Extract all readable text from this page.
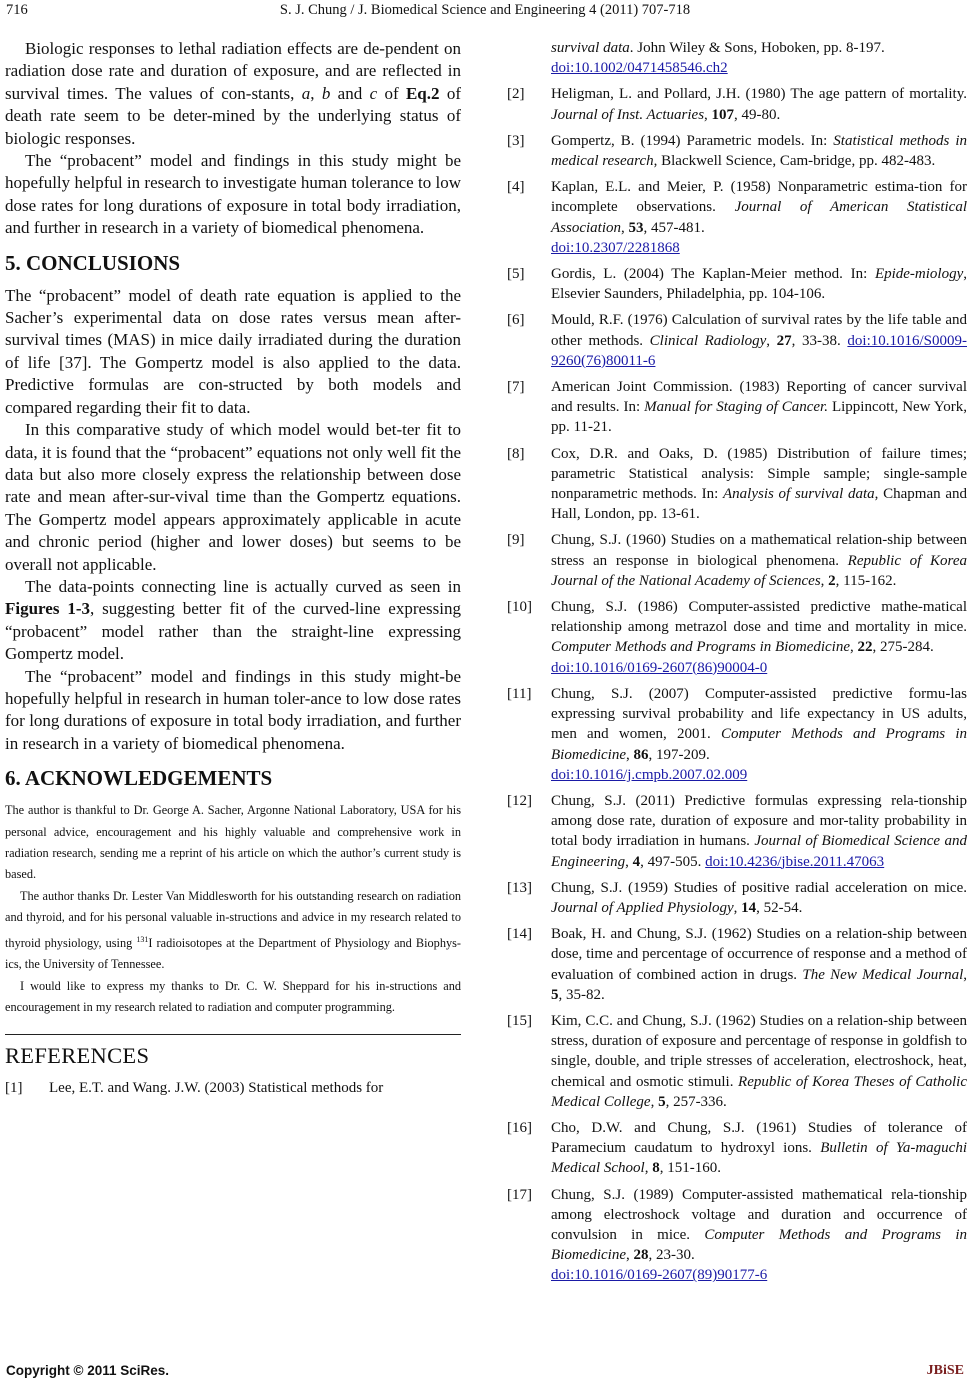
716	S. J. Chung / J. Biomedical Science and Engineering 4 (2011) 707-718

Biologic responses to lethal radiation effects are de-pendent on radiation dose rate and duration of exposure, and are reflected in survival times. The values of con-stants, a, b and c of Eq.2 of death rate seem to be deter-mined by the underlying status of biologic responses.

The “probacent” model and findings in this study might be hopefully helpful in research to investigate human tolerance to low dose rates for long durations of exposure in total body irradiation, and further in research in a variety of biomedical phenomena.

5. CONCLUSIONS

The “probacent” model of death rate equation is applied to the Sacher’s experimental data on dose rates versus mean after-survival times (MAS) in mice daily irradiated during the duration of life [37]. The Gompertz model is also applied to the data. Predictive formulas are con-structed by both models and compared regarding their fit to data.

In this comparative study of which model would bet-ter fit to data, it is found that the “probacent” equations not only well fit the data but also more closely express the relationship between dose rate and mean after-sur-vival time than the Gompertz equations. The Gompertz model appears approximately applicable in acute and chronic period (higher and lower doses) but seems to be overall not applicable.

The data-points connecting line is actually curved as seen in Figures 1-3, suggesting better fit of the curved-line expressing “probacent” model rather than the straight-line expressing Gompertz model.

The “probacent” model and findings in this study might-be hopefully helpful in research in human toler-ance to low dose rates for long durations of exposure in total body irradiation, and further in research in a variety of biomedical phenomena.

6. ACKNOWLEDGEMENTS

The author is thankful to Dr. George A. Sacher, Argonne National Laboratory, USA for his personal advice, encouragement and his highly valuable and comprehensive work in radiation research, sending me a reprint of his article on which the author’s current study is based.

The author thanks Dr. Lester Van Middlesworth for his outstanding research on radiation and thyroid, and for his personal valuable in-structions and advice in my research related to thyroid physiology, using $^{131}$I radioisotopes at the Department of Physiology and Biophys-ics, the University of Tennessee.

I would like to express my thanks to Dr. C. W. Sheppard for his in-structions and encouragement in my research related to radiation and computer programming.

REFERENCES
[1] Lee, E.T. and Wang. J.W. (2003) Statistical methods for
survival data. John Wiley & Sons, Hoboken, pp. 8-197.
doi:10.1002/0471458546.ch2
[2] Heligman, L. and Pollard, J.H. (1980) The age pattern of mortality. Journal of Inst. Actuaries, 107, 49-80.
[3] Gompertz, B. (1994) Parametric models. In: Statistical methods in medical research, Blackwell Science, Cam-bridge, pp. 482-483.
[4] Kaplan, E.L. and Meier, P. (1958) Nonparametric estima-tion for incomplete observations. Journal of American Statistical Association, 53, 457-481.
doi:10.2307/2281868
[5] Gordis, L. (2004) The Kaplan-Meier method. In: Epide-miology, Elsevier Saunders, Philadelphia, pp. 104-106.
[6] Mould, R.F. (1976) Calculation of survival rates by the life table and other methods. Clinical Radiology, 27, 33-38. doi:10.1016/S0009-9260(76)80011-6
[7] American Joint Commission. (1983) Reporting of cancer survival and results. In: Manual for Staging of Cancer. Lippincott, New York, pp. 11-21.
[8] Cox, D.R. and Oaks, D. (1985) Distribution of failure times; parametric Statistical analysis: Simple sample; single-sample nonparametric methods. In: Analysis of survival data, Chapman and Hall, London, pp. 13-61.
[9] Chung, S.J. (1960) Studies on a mathematical relation-ship between stress an response in biological phenomena. Republic of Korea Journal of the National Academy of Sciences, 2, 115-162.
[10] Chung, S.J. (1986) Computer-assisted predictive mathe-matical relationship among metrazol dose and time and mortality in mice. Computer Methods and Programs in Biomedicine, 22, 275-284.
doi:10.1016/0169-2607(86)90004-0
[11] Chung, S.J. (2007) Computer-assisted predictive formu-las expressing survival probability and life expectancy in US adults, men and women, 2001. Computer Methods and Programs in Biomedicine, 86, 197-209.
doi:10.1016/j.cmpb.2007.02.009
[12] Chung, S.J. (2011) Predictive formulas expressing rela-tionship among dose rate, duration of exposure and mor-tality probability in total body irradiation in humans. Journal of Biomedical Science and Engineering, 4, 497-505. doi:10.4236/jbise.2011.47063
[13] Chung, S.J. (1959) Studies of positive radial acceleration on mice. Journal of Applied Physiology, 14, 52-54.
[14] Boak, H. and Chung, S.J. (1962) Studies on a relation-ship between dose, time and percentage of occurrence of response and a method of evaluation of combined action in drugs. The New Medical Journal, 5, 35-82.
[15] Kim, C.C. and Chung, S.J. (1962) Studies on a relation-ship between stress, duration of exposure and percentage of response in goldfish to single, double, and triple stresses of acceleration, electroshock, heat, chemical and osmotic stimuli. Republic of Korea Theses of Catholic Medical College, 5, 257-336.
[16] Cho, D.W. and Chung, S.J. (1961) Studies of tolerance of Paramecium caudatum to hydroxyl ions. Bulletin of Ya-maguchi Medical School, 8, 151-160.
[17] Chung, S.J. (1989) Computer-assisted mathematical rela-tionship among electroshock voltage and duration and occurrence of convulsion in mice. Computer Methods and Programs in Biomedicine, 28, 23-30.
doi:10.1016/0169-2607(89)90177-6
Copyright © 2011 SciRes.	JBiSE
